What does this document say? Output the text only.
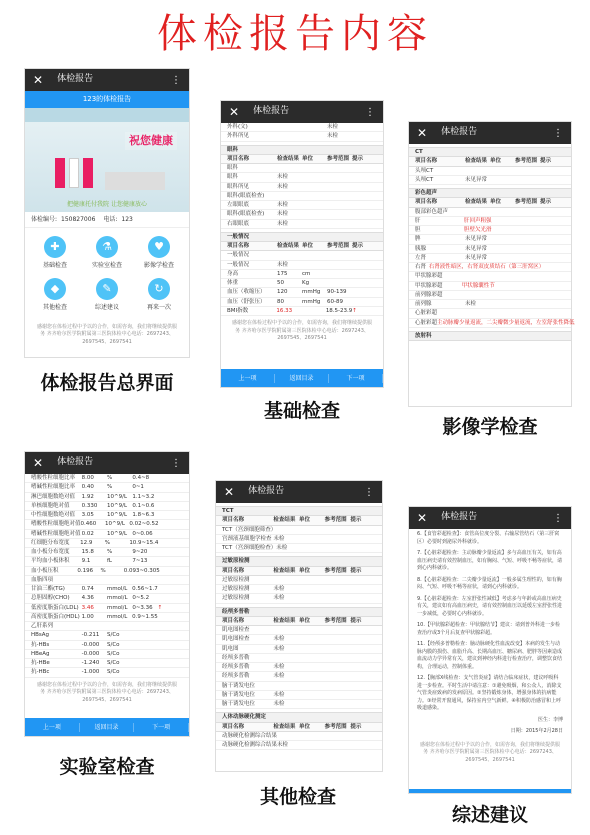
体检报告内容
✕ 体检报告	⋮
123的体检报告
祝您健康
把健康托付我院 让您健康放心
体检编号: 150827006 电话: 123
✚
基础检查
⚗
实验室检查
♥
影像学检查
◆
其他检查
✎
综述建议
↻
再来一次
感谢您在体检过程中予以的合作，如需咨询，我们将继续提供服务 齐齐哈尔医学院附属第三医院体检中心电话：2697243、2697545、2697541
体检报告总界面
✕ 体检报告	⋮
外科(文)	未检
外科所见	未检
眼科
项目名称	检查结果 单位	参考范围 提示
眼科
眼科	未检
眼科所见	未检
眼科(眼底检查)
左眼眼底	未检
眼科(眼底检查)	未检
右眼眼底	未检
一般情况
项目名称	检查结果 单位	参考范围 提示
一般情况
一般情况	未检
身高	175	cm
体重	50	Kg
血压（收缩压）	120	mmHg	90-139
血压（舒张压）	80	mmHg	60-89
BMI指数	16.33	18.5-23.9 ↑
感谢您在体检过程中予以的合作，如需咨询，我们将继续提供服务 齐齐哈尔医学院附属第三医院体检中心电话：2697243、2697545、2697541
上一项	返回目录	下一项
基础检查
✕ 体检报告	⋮
CT
项目名称	检查结果 单位	参考范围 提示
头颅CT
头颅CT	未见异常
彩色超声
项目名称	检查结果 单位	参考范围 提示
腹部彩色超声
肝	肝回声粗强
胆	胆壁欠光滑
脾	未见异常
胰腺	未见异常
左肾	未见异常
右肾 右肾液性暗区，右肾双皮质结石（第三肝窝区）
甲状腺彩超
甲状腺彩超	甲状腺囊性节
前列腺彩超
前列腺	未检
心脏彩超
心脏彩超 主动脉瓣少量返流，二尖瓣微少量返流，左室舒张性降低
放射科
影像学检查
✕ 体检报告	⋮
嗜酸性粒细胞比率	8.00	%	0.4~8
嗜碱性粒细胞比率	0.40	%	0~1
淋巴细胞数绝对值	1.92	10^9/L 1.1~3.2
单核细胞绝对值	0.330	10^9/L 0.1~0.6
中性细胞数绝对值	3.05	10^9/L 1.8~6.3
嗜酸性粒细胞绝对值 0.460	10^9/L 0.02~0.52
嗜碱性粒细胞绝对值 0.02	10^9/L 0~0.06
红细胞分布宽度	12.9	%	10.9~15.4
血小板分布宽度	15.8	%	9~20
平均血小板体积	9.1	fL	7~13
血小板压积	0.196	%	0.093~0.305
血脂四项
甘油三酯(TG)	0.74	mmol/L 0.56~1.7
总胆固醇(CHO)	4.36	mmol/L 0~5.2
低密度脂蛋白(LDL) 3.46	mmol/L 0~3.36 ↑
高密度脂蛋白(HDL) 1.00	mmol/L 0.9~1.55
乙肝系列
HBsAg	-0.211	S/Co
抗-HBs	-0.000	S/Co
HBeAg	-0.000	S/Co
抗-HBe	-1.240	S/Co
抗-HBc	-1.000	S/Co
感谢您在体检过程中予以的合作，如需咨询，我们将继续提供服务 齐齐哈尔医学院附属第三医院体检中心电话：2697243、2697545、2697541
上一项	返回目录	下一项
实验室检查
✕ 体检报告	⋮
TCT
项目名称	检查结果 单位	参考范围 提示
TCT（宫颈细胞筛查）
宫颈液基细胞学检查 未检
TCT（宫颈细胞检查） 未检
过敏原检测
项目名称	检查结果 单位	参考范围 提示
过敏原检测
过敏原检测	未检
过敏原检测	未检
经颅多普勒
项目名称	检查结果 单位	参考范围 提示
肌电图检查
肌电图检查	未检
肌电图	未检
经颅多普勒
经颅多普勒	未检
经颅多普勒	未检
脑干诱发电位
脑干诱发电位	未检
脑干诱发电位	未检
人体动脉硬化测定
项目名称	检查结果 单位	参考范围 提示
动脉硬化检测综合结果
动脉硬化检测综合结果 未检
其他检查
✕ 体检报告	⋮
6.【食管彩超检查】：食管高位度分裂、右输尿管结石（第三肝窝区）必要时到泌尿外科就诊。
7.【心脏彩超检查：主动脉瓣少量返流】多与高血压有关，如有高血压病史请有效控制血压，如有胸闷、气短、呼吸不畅等症状，请到心内科就诊。
8.【心脏彩超检查：二尖瓣少量返流】一般多属生理性的，如有胸闷、气短、呼吸不畅等症状，请到心内科就诊。
9.【心脏彩超检查：左室舒张性减低】考虑多与年龄或高血压病史有关，建议如有高血压病史，请有效控制血压以延缓左室舒张性进一步减低，必要时心内科就诊。
10.【甲状腺彩超检查：甲状腺结节】建议：请到普外科进一步检查治疗或3个月后复查甲状腺彩超。
11.【经颅多普勒检查：脑动脉硬化性血流改变】本病的发生与动脉内膜的损伤、血脂升高、长期高血压、糖尿病、肥胖等因素造成血流动力学异常有关，建议到神经内科进行检查治疗，调整饮食结构，合理运动，控制体重。
12.【胸部X线检查：支气管炎症】请结合临床症状，建议呼吸科进一步检查。平时生活中请注意：①避免吸烟，和公众人，消除支气管炎症致病的发病原因。②坚持锻炼身体，增强身体的抗病能力。③经常开窗通风，保持室内空气新鲜。④积极防治感冒和上呼吸道感染。
医生：李博
日期：2015年2月28日
感谢您在体检过程中予以的合作，如需咨询，我们将继续提供服务 齐齐哈尔医学院附属第三医院体检中心电话：2697243、2697545、2697541
综述建议
